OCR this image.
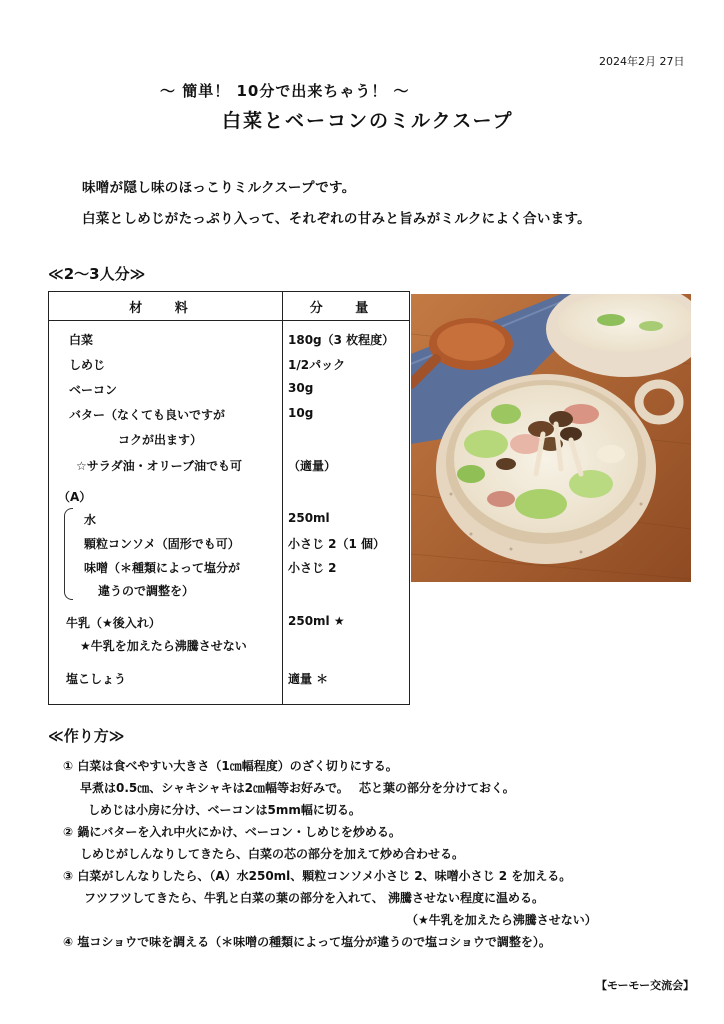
2024年2月 27日
～ 簡単！ 10分で出来ちゃう！ ～
白菜とベーコンのミルクスープ
味噌が隠し味のほっこりミルクスープです。
白菜としめじがたっぷり入って、それぞれの甘みと旨みがミルクによく合います。
≪2～3人分≫
材 料	分 量

白菜	180g（3 枚程度）
しめじ	1/2パック
ベーコン	30g
バター（なくても良いですが	10g
コクが出ます）
☆サラダ油・オリーブ油でも可	（適量）
（A）
水	250ml
顆粒コンソメ（固形でも可）	小さじ 2（1 個）
味噌（＊種類によって塩分が	小さじ 2
違うので調整を）
牛乳（★後入れ）	250ml ★
★牛乳を加えたら沸騰させない
塩こしょう	適量 ＊
≪作り方≫
① 白菜は食べやすい大きさ（1㎝幅程度）のざく切りにする。
早煮は0.5㎝、シャキシャキは2㎝幅等お好みで。　 芯と葉の部分を分けておく。
しめじは小房に分け、ベーコンは5mm幅に切る。
② 鍋にバターを入れ中火にかけ、ベーコン・しめじを炒める。
しめじがしんなりしてきたら、白菜の芯の部分を加えて炒め合わせる。
③ 白菜がしんなりしたら、（A）水250ml、顆粒コンソメ小さじ 2、味噌小さじ 2 を加える。
フツフツしてきたら、牛乳と白菜の葉の部分を入れて、 沸騰させない程度に温める。
（★牛乳を加えたら沸騰させない）
④ 塩コショウで味を調える（＊味噌の種類によって塩分が違うので塩コショウで調整を）。
【モーモー交流会】
